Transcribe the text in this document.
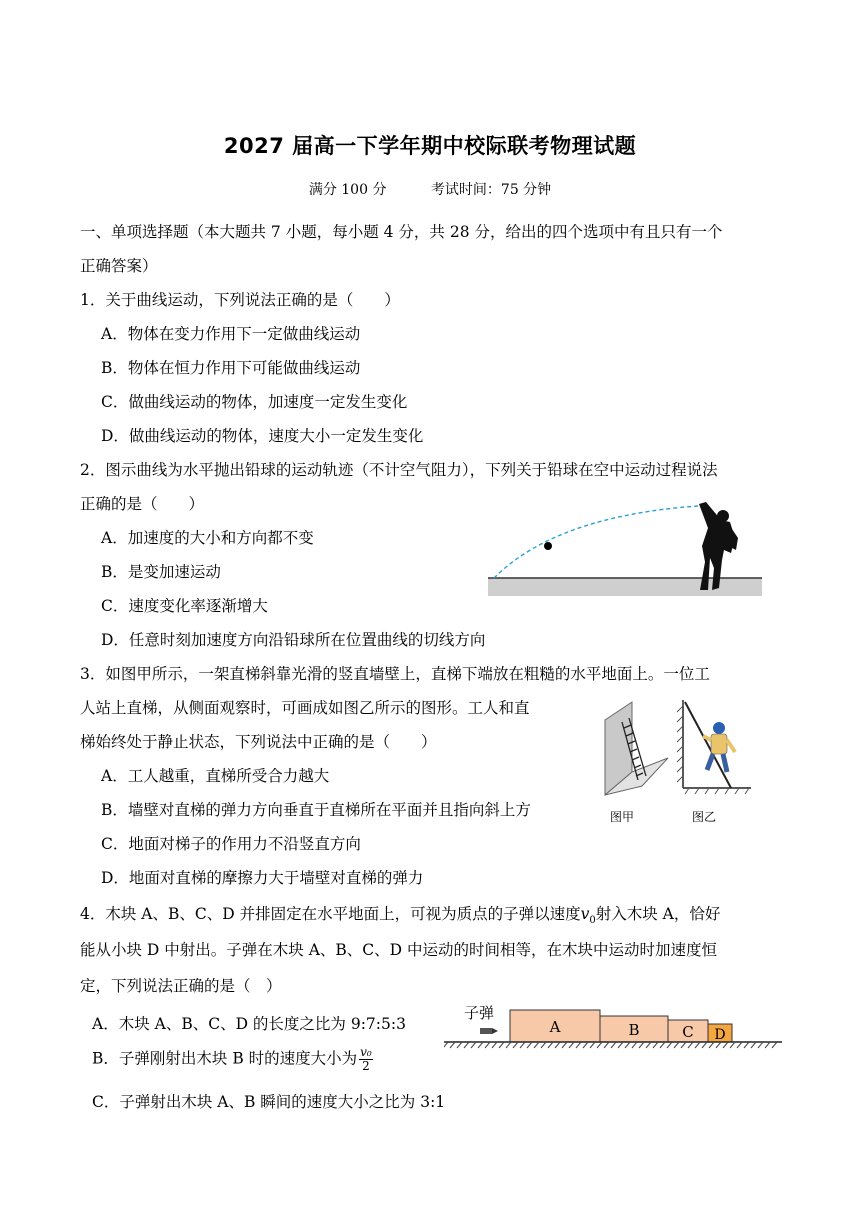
2027 届高一下学年期中校际联考物理试题
满分 100 分	考试时间：75 分钟
一、单项选择题（本大题共 7 小题，每小题 4 分，共 28 分，给出的四个选项中有且只有一个
正确答案）
1．关于曲线运动，下列说法正确的是（　　）
A．物体在变力作用下一定做曲线运动
B．物体在恒力作用下可能做曲线运动
C．做曲线运动的物体，加速度一定发生变化
D．做曲线运动的物体，速度大小一定发生变化
2．图示曲线为水平抛出铅球的运动轨迹（不计空气阻力），下列关于铅球在空中运动过程说法
正确的是（　　）
A．加速度的大小和方向都不变
B．是变加速运动
C．速度变化率逐渐增大
D．任意时刻加速度方向沿铅球所在位置曲线的切线方向
3．如图甲所示，一架直梯斜靠光滑的竖直墙壁上，直梯下端放在粗糙的水平地面上。一位工
人站上直梯，从侧面观察时，可画成如图乙所示的图形。工人和直
梯始终处于静止状态，下列说法中正确的是（　　）
A．工人越重，直梯所受合力越大
B．墙壁对直梯的弹力方向垂直于直梯所在平面并且指向斜上方
C．地面对梯子的作用力不沿竖直方向
D．地面对直梯的摩擦力大于墙壁对直梯的弹力
图甲	图乙
4．木块 A、B、C、D 并排固定在水平地面上，可视为质点的子弹以速度$v_0$射入木块 A，恰好
能从小块 D 中射出。子弹在木块 A、B、C、D 中运动的时间相等，在木块中运动时加速度恒
定，下列说法正确的是（　）
A．木块 A、B、C、D 的长度之比为 9:7:5:3
B．子弹刚射出木块 B 时的速度大小为 $\frac{\text{v₀}}{2}$
C．子弹射出木块 A、B 瞬间的速度大小之比为 3:1
子弹
A	B	C D
